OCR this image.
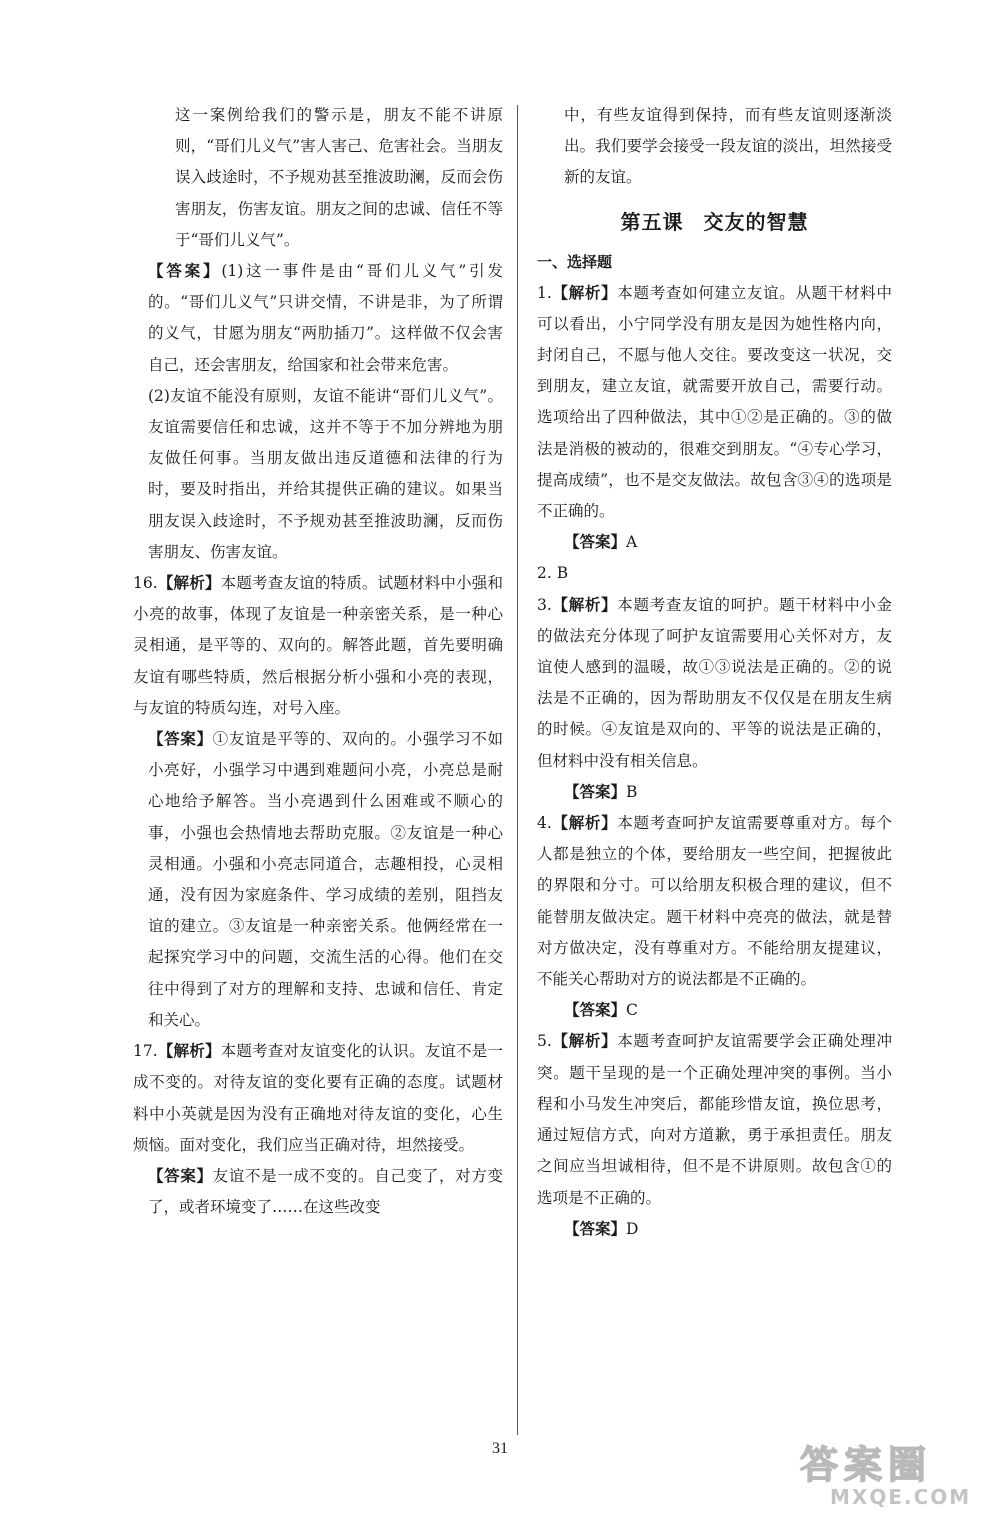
这一案例给我们的警示是，朋友不能不讲原则，“哥们儿义气”害人害己、危害社会。当朋友误入歧途时，不予规劝甚至推波助澜，反而会伤害朋友，伤害友谊。朋友之间的忠诚、信任不等于“哥们儿义气”。

【答案】(1)这一事件是由“哥们儿义气”引发的。“哥们儿义气”只讲交情，不讲是非，为了所谓的义气，甘愿为朋友“两肋插刀”。这样做不仅会害自己，还会害朋友，给国家和社会带来危害。

(2)友谊不能没有原则，友谊不能讲“哥们儿义气”。友谊需要信任和忠诚，这并不等于不加分辨地为朋友做任何事。当朋友做出违反道德和法律的行为时，要及时指出，并给其提供正确的建议。如果当朋友误入歧途时，不予规劝甚至推波助澜，反而伤害朋友、伤害友谊。

16.【解析】本题考查友谊的特质。试题材料中小强和小亮的故事，体现了友谊是一种亲密关系，是一种心灵相通，是平等的、双向的。解答此题，首先要明确友谊有哪些特质，然后根据分析小强和小亮的表现，与友谊的特质勾连，对号入座。

【答案】①友谊是平等的、双向的。小强学习不如小亮好，小强学习中遇到难题问小亮，小亮总是耐心地给予解答。当小亮遇到什么困难或不顺心的事，小强也会热情地去帮助克服。②友谊是一种心灵相通。小强和小亮志同道合，志趣相投，心灵相通，没有因为家庭条件、学习成绩的差别，阻挡友谊的建立。③友谊是一种亲密关系。他俩经常在一起探究学习中的问题，交流生活的心得。他们在交往中得到了对方的理解和支持、忠诚和信任、肯定和关心。

17.【解析】本题考查对友谊变化的认识。友谊不是一成不变的。对待友谊的变化要有正确的态度。试题材料中小英就是因为没有正确地对待友谊的变化，心生烦恼。面对变化，我们应当正确对待，坦然接受。

【答案】友谊不是一成不变的。自己变了，对方变了，或者环境变了……在这些改变

中，有些友谊得到保持，而有些友谊则逐渐淡出。我们要学会接受一段友谊的淡出，坦然接受新的友谊。

第五课 交友的智慧

一、选择题

1.【解析】本题考查如何建立友谊。从题干材料中可以看出，小宁同学没有朋友是因为她性格内向，封闭自己，不愿与他人交往。要改变这一状况，交到朋友，建立友谊，就需要开放自己，需要行动。选项给出了四种做法，其中①②是正确的。③的做法是消极的被动的，很难交到朋友。“④专心学习，提高成绩”，也不是交友做法。故包含③④的选项是不正确的。

【答案】A

2. B

3.【解析】本题考查友谊的呵护。题干材料中小金的做法充分体现了呵护友谊需要用心关怀对方，友谊使人感到的温暖，故①③说法是正确的。②的说法是不正确的，因为帮助朋友不仅仅是在朋友生病的时候。④友谊是双向的、平等的说法是正确的，但材料中没有相关信息。

【答案】B

4.【解析】本题考查呵护友谊需要尊重对方。每个人都是独立的个体，要给朋友一些空间，把握彼此的界限和分寸。可以给朋友积极合理的建议，但不能替朋友做决定。题干材料中亮亮的做法，就是替对方做决定，没有尊重对方。不能给朋友提建议，不能关心帮助对方的说法都是不正确的。

【答案】C

5.【解析】本题考查呵护友谊需要学会正确处理冲突。题干呈现的是一个正确处理冲突的事例。当小程和小马发生冲突后，都能珍惜友谊，换位思考，通过短信方式，向对方道歉，勇于承担责任。朋友之间应当坦诚相待，但不是不讲原则。故包含①的选项是不正确的。

【答案】D

31	答案圈
MXQE.COM
